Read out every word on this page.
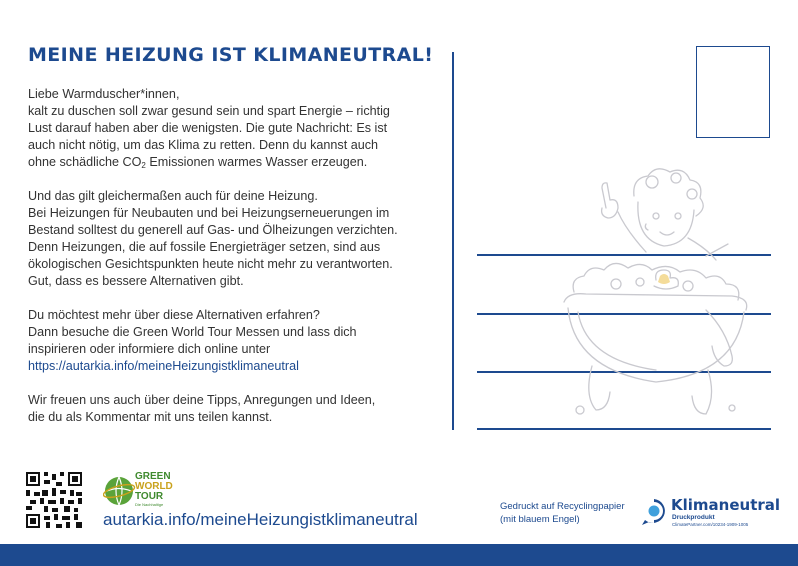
MEINE HEIZUNG IST KLIMANEUTRAL!

Liebe Warmduscher*innen,
kalt zu duschen soll zwar gesund sein und spart Energie – richtig
Lust darauf haben aber die wenigsten. Die gute Nachricht: Es ist
auch nicht nötig, um das Klima zu retten. Denn du kannst auch
ohne schädliche $CO_2$ Emissionen warmes Wasser erzeugen.

Und das gilt gleichermaßen auch für deine Heizung.
Bei Heizungen für Neubauten und bei Heizungserneuerungen im
Bestand solltest du generell auf Gas- und Ölheizungen verzichten.
Denn Heizungen, die auf fossile Energieträger setzen, sind aus
ökologischen Gesichtspunkten heute nicht mehr zu verantworten.
Gut, dass es bessere Alternativen gibt.

Du möchtest mehr über diese Alternativen erfahren?
Dann besuche die Green World Tour Messen und lass dich
inspirieren oder informiere dich online unter
https://autarkia.info/meineHeizungistklimaneutral

Wir freuen uns auch über deine Tipps, Anregungen und Ideen,
die du als Kommentar mit uns teilen kannst.

GREEN
WORLD
TOUR
Die Nachhaltige
autarkia.info/meineHeizungistklimaneutral
Gedruckt auf Recyclingpapier
(mit blauem Engel)
Klimaneutral
Druckprodukt
ClimatePartner.com/10234-1909-1005
